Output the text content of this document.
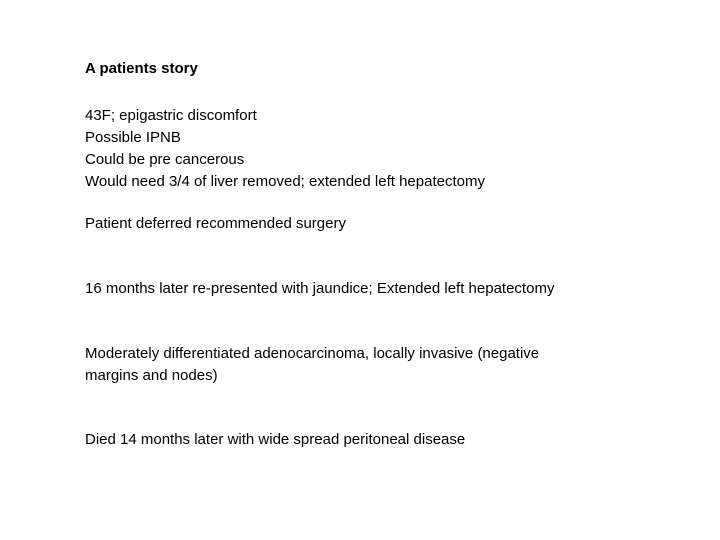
A patients story
43F; epigastric discomfort
Possible IPNB
Could be pre cancerous
Would need 3/4 of liver removed; extended left hepatectomy
Patient deferred recommended surgery
16 months later re-presented with jaundice; Extended left hepatectomy
Moderately differentiated adenocarcinoma, locally invasive (negative
margins and nodes)
Died 14 months later with wide spread peritoneal disease
